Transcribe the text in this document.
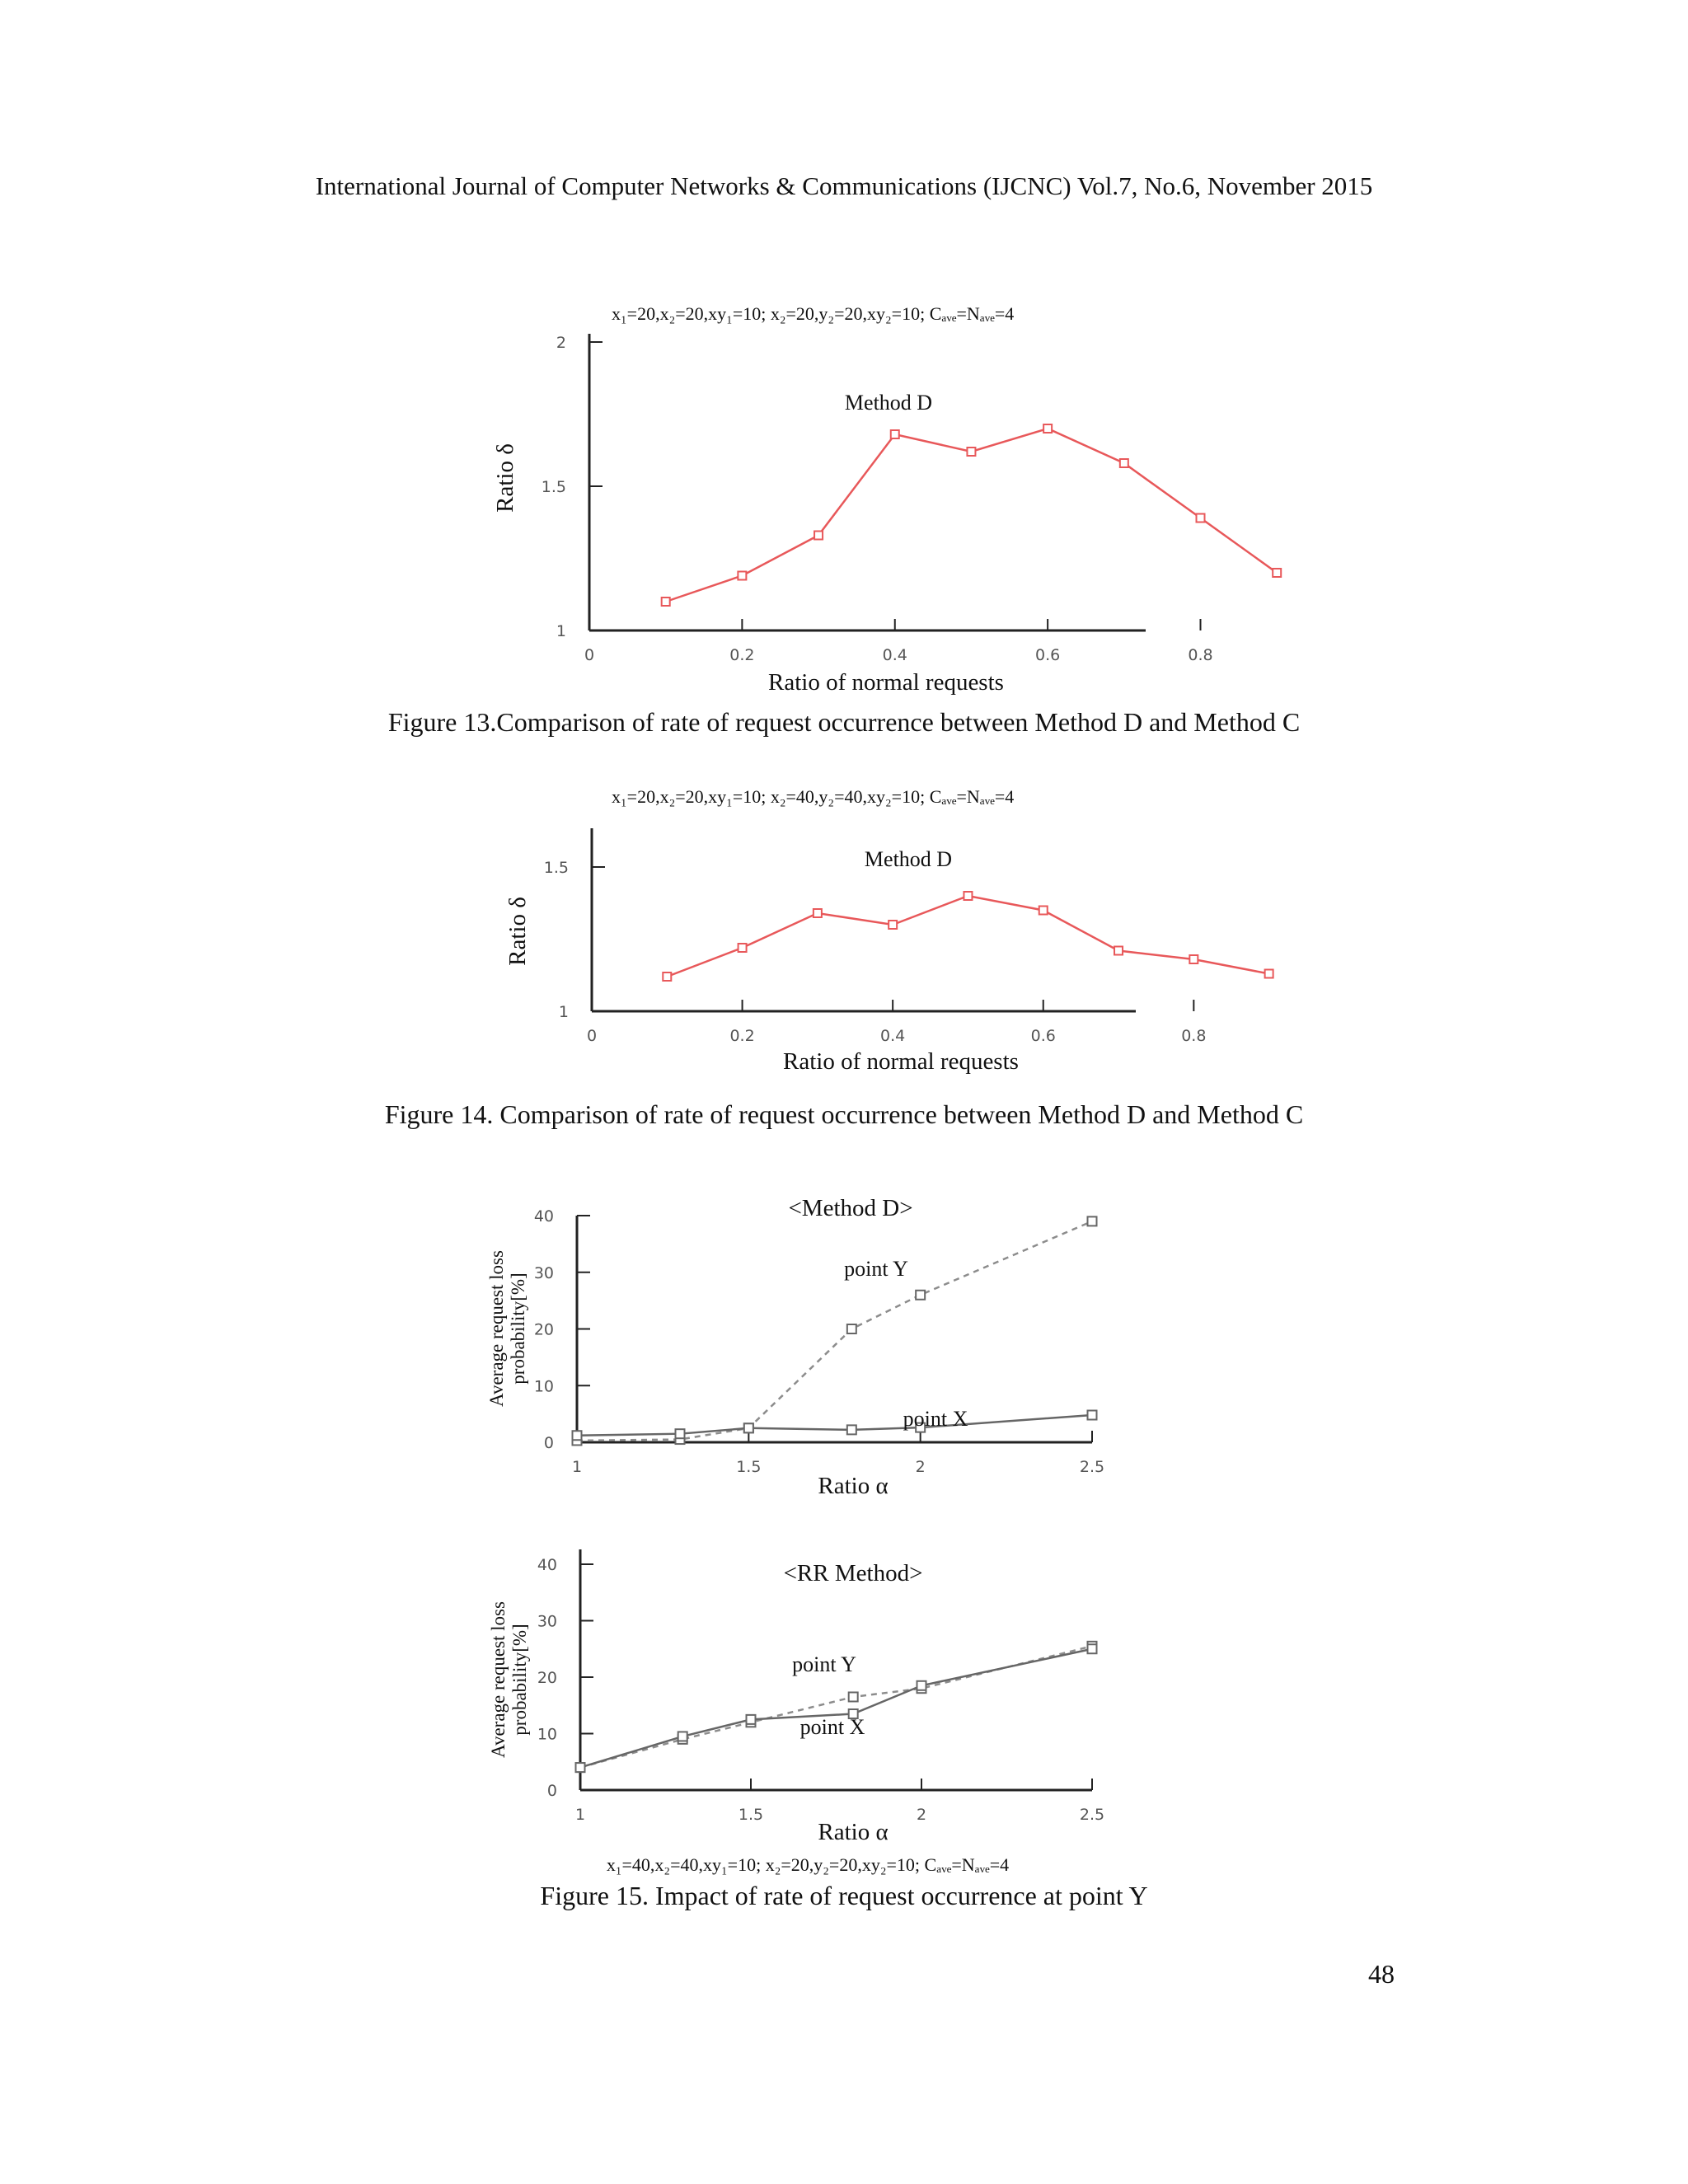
International Journal of Computer Networks & Communications (IJCNC) Vol.7, No.6, November 2015
1
1.5
2
0	0.2	0.4	0.6	0.8
Ratio of normal requests
Ratio δ
x₁=20,x₂=20,xy₁=10; x₂=20,y₂=20,xy₂=10; Cₐᵥₑ=Nₐᵥₑ=4
Method D
Figure 13.Comparison of rate of request occurrence between Method D and Method C
1
1.5
0	0.2	0.4	0.6	0.8
Ratio of normal requests
Ratio δ
x₁=20,x₂=20,xy₁=10; x₂=40,y₂=40,xy₂=10; Cₐᵥₑ=Nₐᵥₑ=4
Method D
Figure 14. Comparison of rate of request occurrence between Method D and Method C
0
10
20
30
40
1	1.5	2	2.5
Ratio α
Average request loss probability[%]
<Method D>
point Y
point X
0
10
20
30
40
1	1.5	2	2.5
Ratio α
Average request loss probability[%]
<RR Method>
point Y
point X
x₁=40,x₂=40,xy₁=10; x₂=20,y₂=20,xy₂=10; Cₐᵥₑ=Nₐᵥₑ=4
Figure 15. Impact of rate of request occurrence at point Y
48
